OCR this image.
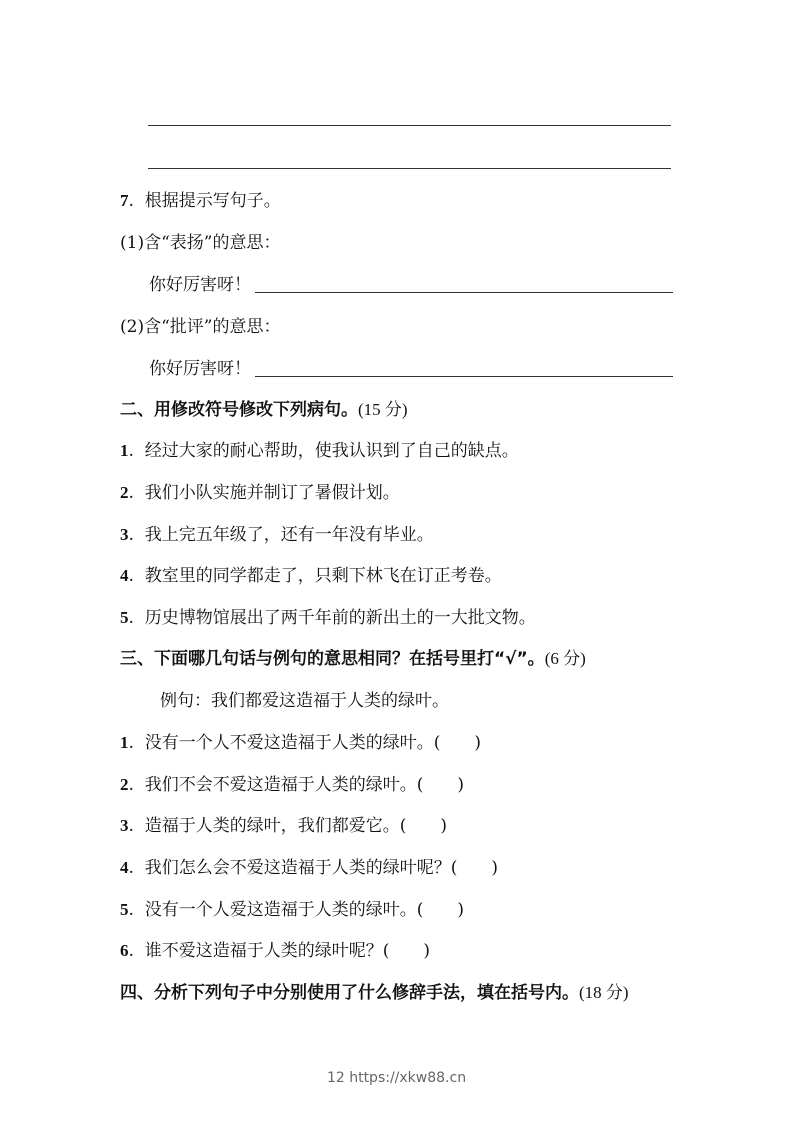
7.  根据提示写句子。
(1)含“表扬”的意思：
你好厉害呀！
(2)含“批评”的意思：
你好厉害呀！
二、用修改符号修改下列病句。(15 分)
1.  经过大家的耐心帮助，使我认识到了自己的缺点。
2.  我们小队实施并制订了暑假计划。
3.  我上完五年级了，还有一年没有毕业。
4.  教室里的同学都走了，只剩下林飞在订正考卷。
5.  历史博物馆展出了两千年前的新出土的一大批文物。
三、下面哪几句话与例句的意思相同？在括号里打“√”。(6 分)
例句：我们都爱这造福于人类的绿叶。
1.  没有一个人不爱这造福于人类的绿叶。( )
2.  我们不会不爱这造福于人类的绿叶。( )
3.  造福于人类的绿叶，我们都爱它。( )
4.  我们怎么会不爱这造福于人类的绿叶呢？( )
5.  没有一个人爱这造福于人类的绿叶。( )
6.  谁不爱这造福于人类的绿叶呢？( )
四、分析下列句子中分别使用了什么修辞手法，填在括号内。(18 分)
12 https://xkw88.cn
